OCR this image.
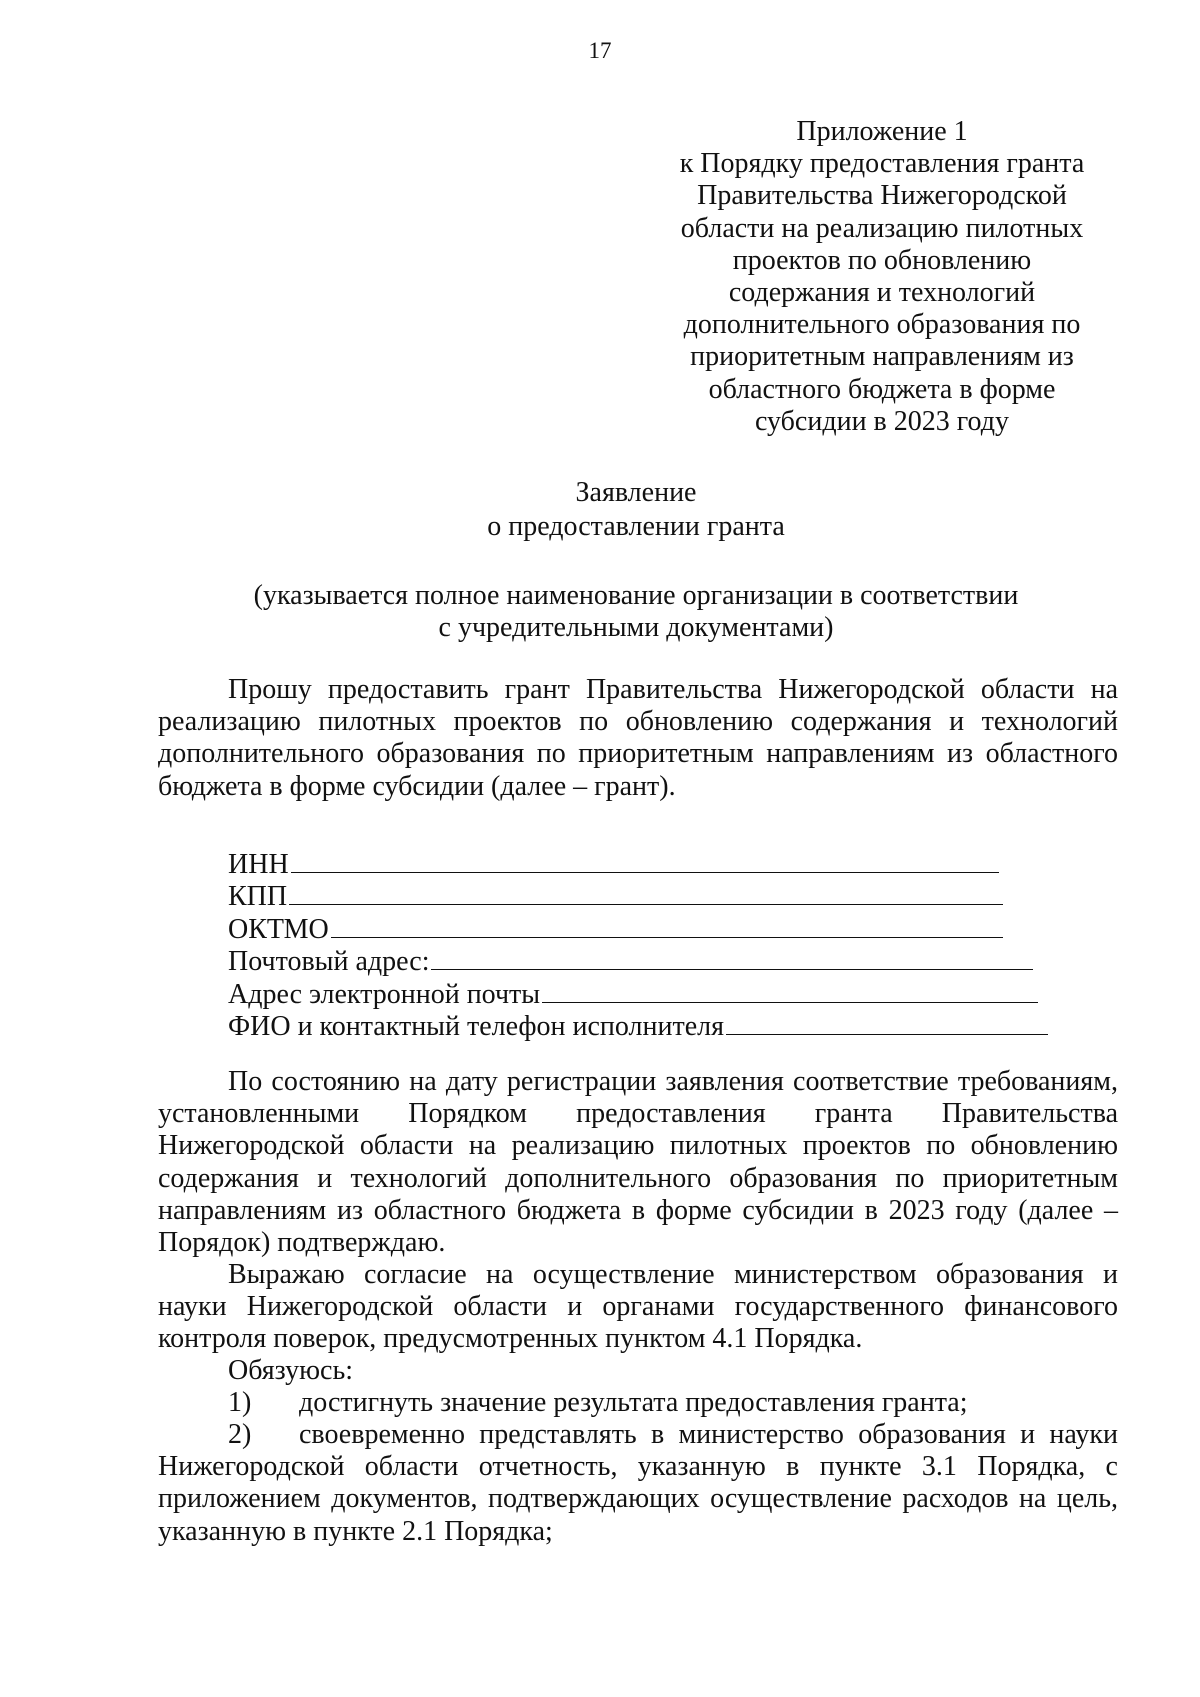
17
Приложение 1
к Порядку предоставления гранта
Правительства Нижегородской
области на реализацию пилотных
проектов по обновлению
содержания и технологий
дополнительного образования по
приоритетным направлениям из
областного бюджета в форме
субсидии в 2023 году
Заявление
о предоставлении гранта
(указывается полное наименование организации в соответствии
с учредительными документами)
Прошу предоставить грант Правительства Нижегородской области на реализацию пилотных проектов по обновлению содержания и технологий дополнительного образования по приоритетным направлениям из областного бюджета в форме субсидии (далее – грант).
ИНН
КПП
ОКТМО
Почтовый адрес:
Адрес электронной почты
ФИО и контактный телефон исполнителя
По состоянию на дату регистрации заявления соответствие требованиям, установленными Порядком предоставления гранта Правительства Нижегородской области на реализацию пилотных проектов по обновлению содержания и технологий дополнительного образования по приоритетным направлениям из областного бюджета в форме субсидии в 2023 году (далее – Порядок) подтверждаю.
Выражаю согласие на осуществление министерством образования и науки Нижегородской области и органами государственного финансового контроля поверок, предусмотренных пунктом 4.1 Порядка.
Обязуюсь:
1) достигнуть значение результата предоставления гранта;
2) своевременно представлять в министерство образования и науки Нижегородской области отчетность, указанную в пункте 3.1 Порядка, с приложением документов, подтверждающих осуществление расходов на цель, указанную в пункте 2.1 Порядка;
